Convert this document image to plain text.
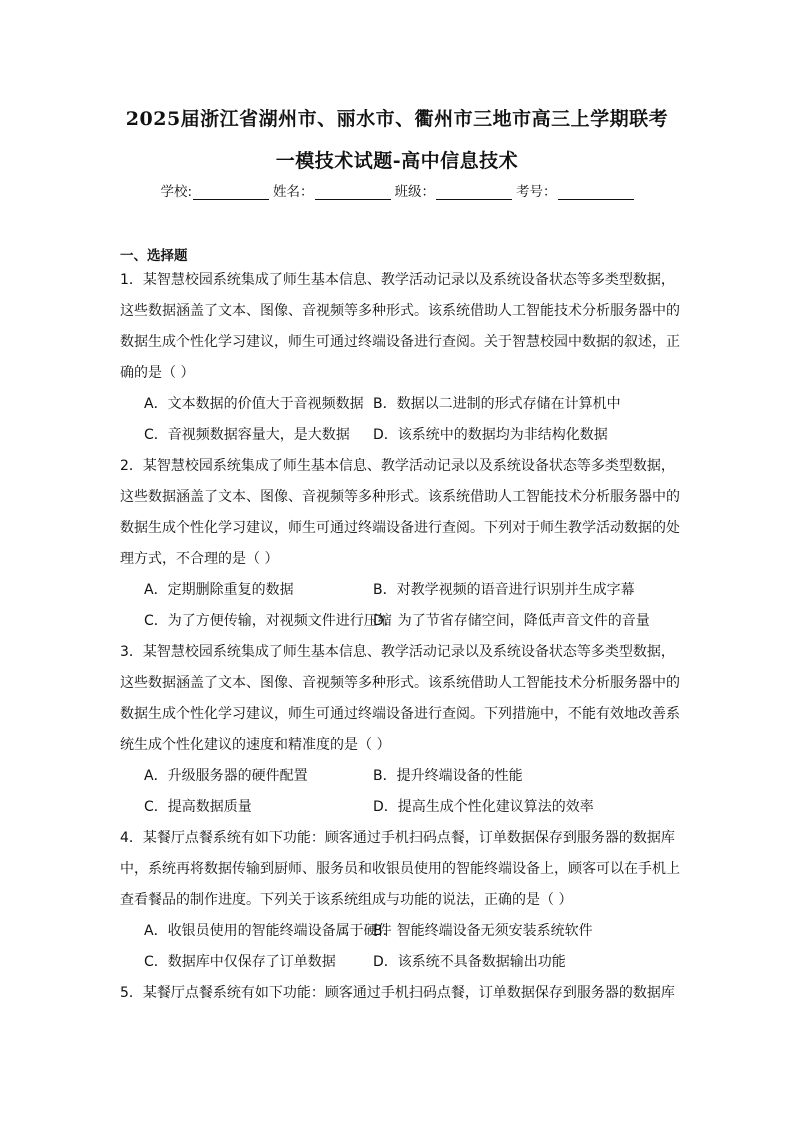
2025届浙江省湖州市、丽水市、衢州市三地市高三上学期联考
一模技术试题-高中信息技术
学校:	姓名：	班级：	考号：
一、选择题
1．某智慧校园系统集成了师生基本信息、教学活动记录以及系统设备状态等多类型数据，
这些数据涵盖了文本、图像、音视频等多种形式。该系统借助人工智能技术分析服务器中的
数据生成个性化学习建议，师生可通过终端设备进行查阅。关于智慧校园中数据的叙述，正
确的是（ ）
A．文本数据的价值大于音视频数据 B．数据以二进制的形式存储在计算机中
C．音视频数据容量大，是大数据	D．该系统中的数据均为非结构化数据
2．某智慧校园系统集成了师生基本信息、教学活动记录以及系统设备状态等多类型数据，
这些数据涵盖了文本、图像、音视频等多种形式。该系统借助人工智能技术分析服务器中的
数据生成个性化学习建议，师生可通过终端设备进行查阅。下列对于师生教学活动数据的处
理方式，不合理的是（ ）
A．定期删除重复的数据	B．对教学视频的语音进行识别并生成字幕
C．为了方便传输，对视频文件进行压缩
D．为了节省存储空间，降低声音文件的音量
3．某智慧校园系统集成了师生基本信息、教学活动记录以及系统设备状态等多类型数据，
这些数据涵盖了文本、图像、音视频等多种形式。该系统借助人工智能技术分析服务器中的
数据生成个性化学习建议，师生可通过终端设备进行查阅。下列措施中，不能有效地改善系
统生成个性化建议的速度和精准度的是（ ）
A．升级服务器的硬件配置	B．提升终端设备的性能
C．提高数据质量	D．提高生成个性化建议算法的效率
4．某餐厅点餐系统有如下功能：顾客通过手机扫码点餐，订单数据保存到服务器的数据库
中，系统再将数据传输到厨师、服务员和收银员使用的智能终端设备上，顾客可以在手机上
查看餐品的制作进度。下列关于该系统组成与功能的说法，正确的是（ ）
A．收银员使用的智能终端设备属于硬件
B．智能终端设备无须安装系统软件
C．数据库中仅保存了订单数据	D．该系统不具备数据输出功能
5．某餐厅点餐系统有如下功能：顾客通过手机扫码点餐，订单数据保存到服务器的数据库
